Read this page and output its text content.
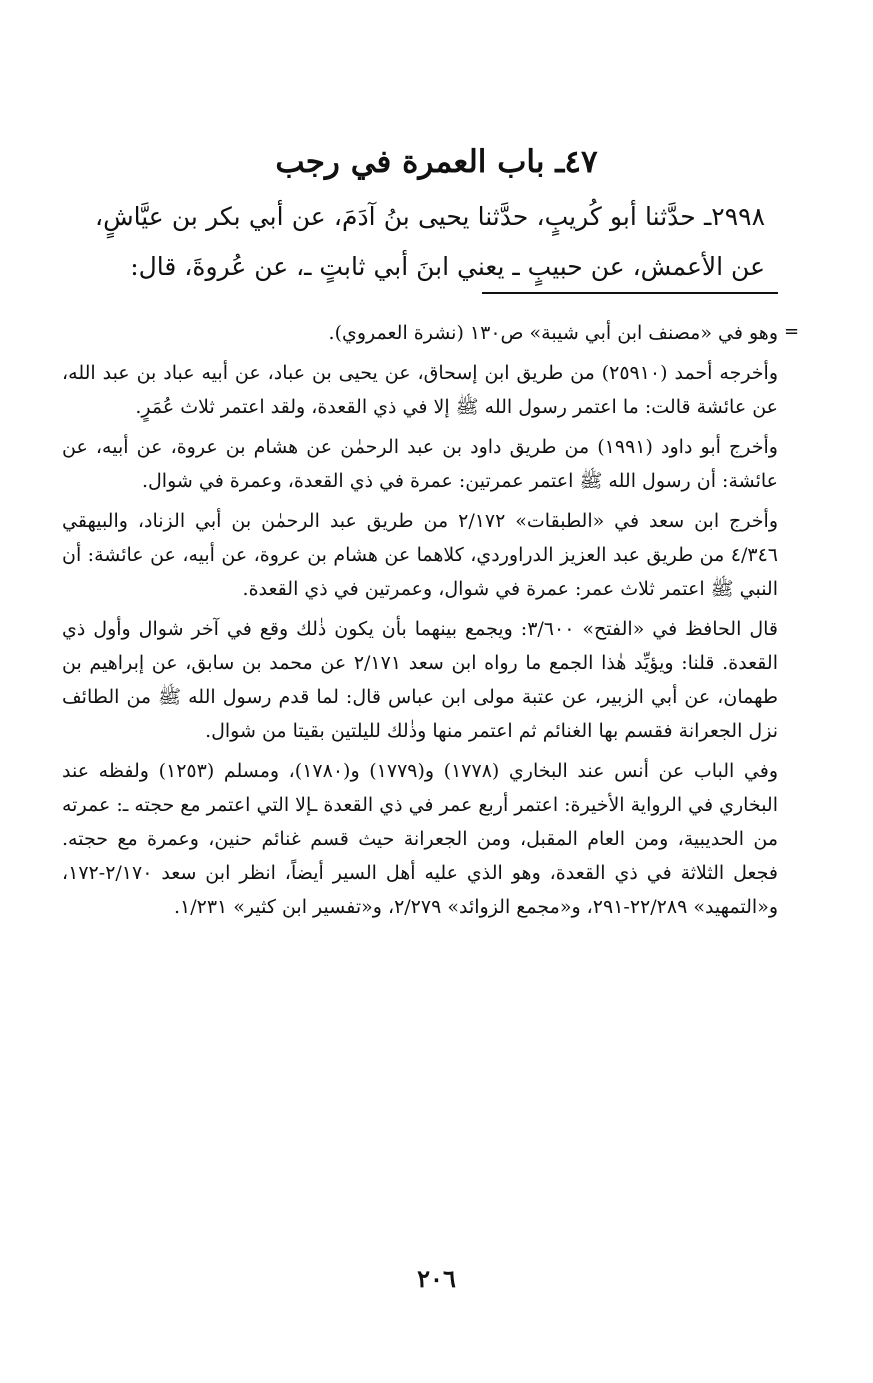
٤٧ـ باب العمرة في رجب

٢٩٩٨ـ حدَّثنا أبو كُريبٍ، حدَّثنا يحيى بنُ آدَمَ، عن أبي بكر بن عيَّاشٍ، عن الأعمش، عن حبيبٍ ـ يعني ابنَ أبي ثابتٍ ـ، عن عُروةَ، قال:

=

وهو في «مصنف ابن أبي شيبة» ص١٣٠ (نشرة العمروي).

وأخرجه أحمد (٢٥٩١٠) من طريق ابن إسحاق، عن يحيى بن عباد، عن أبيه عباد بن عبد الله، عن عائشة قالت: ما اعتمر رسول الله ﷺ إلا في ذي القعدة، ولقد اعتمر ثلاث عُمَرٍ.

وأخرج أبو داود (١٩٩١) من طريق داود بن عبد الرحمٰن عن هشام بن عروة، عن أبيه، عن عائشة: أن رسول الله ﷺ اعتمر عمرتين: عمرة في ذي القعدة، وعمرة في شوال.

وأخرج ابن سعد في «الطبقات» ٢/١٧٢ من طريق عبد الرحمٰن بن أبي الزناد، والبيهقي ٤/٣٤٦ من طريق عبد العزيز الدراوردي، كلاهما عن هشام بن عروة، عن أبيه، عن عائشة: أن النبي ﷺ اعتمر ثلاث عمر: عمرة في شوال، وعمرتين في ذي القعدة.

قال الحافظ في «الفتح» ٣/٦٠٠: ويجمع بينهما بأن يكون ذٰلك وقع في آخر شوال وأول ذي القعدة. قلنا: ويؤيِّد هٰذا الجمع ما رواه ابن سعد ٢/١٧١ عن محمد بن سابق، عن إبراهيم بن طهمان، عن أبي الزبير، عن عتبة مولى ابن عباس قال: لما قدم رسول الله ﷺ من الطائف نزل الجعرانة فقسم بها الغنائم ثم اعتمر منها وذٰلك لليلتين بقيتا من شوال.

وفي الباب عن أنس عند البخاري (١٧٧٨) و(١٧٧٩) و(١٧٨٠)، ومسلم (١٢٥٣) ولفظه عند البخاري في الرواية الأخيرة: اعتمر أربع عمر في ذي القعدة ـإلا التي اعتمر مع حجته ـ: عمرته من الحديبية، ومن العام المقبل، ومن الجعرانة حيث قسم غنائم حنين، وعمرة مع حجته. فجعل الثلاثة في ذي القعدة، وهو الذي عليه أهل السير أيضاً، انظر ابن سعد ٢/١٧٠-١٧٢، و«التمهيد» ٢٢/٢٨٩-٢٩١، و«مجمع الزوائد» ٢/٢٧٩، و«تفسير ابن كثير» ١/٢٣١.

٢٠٦
